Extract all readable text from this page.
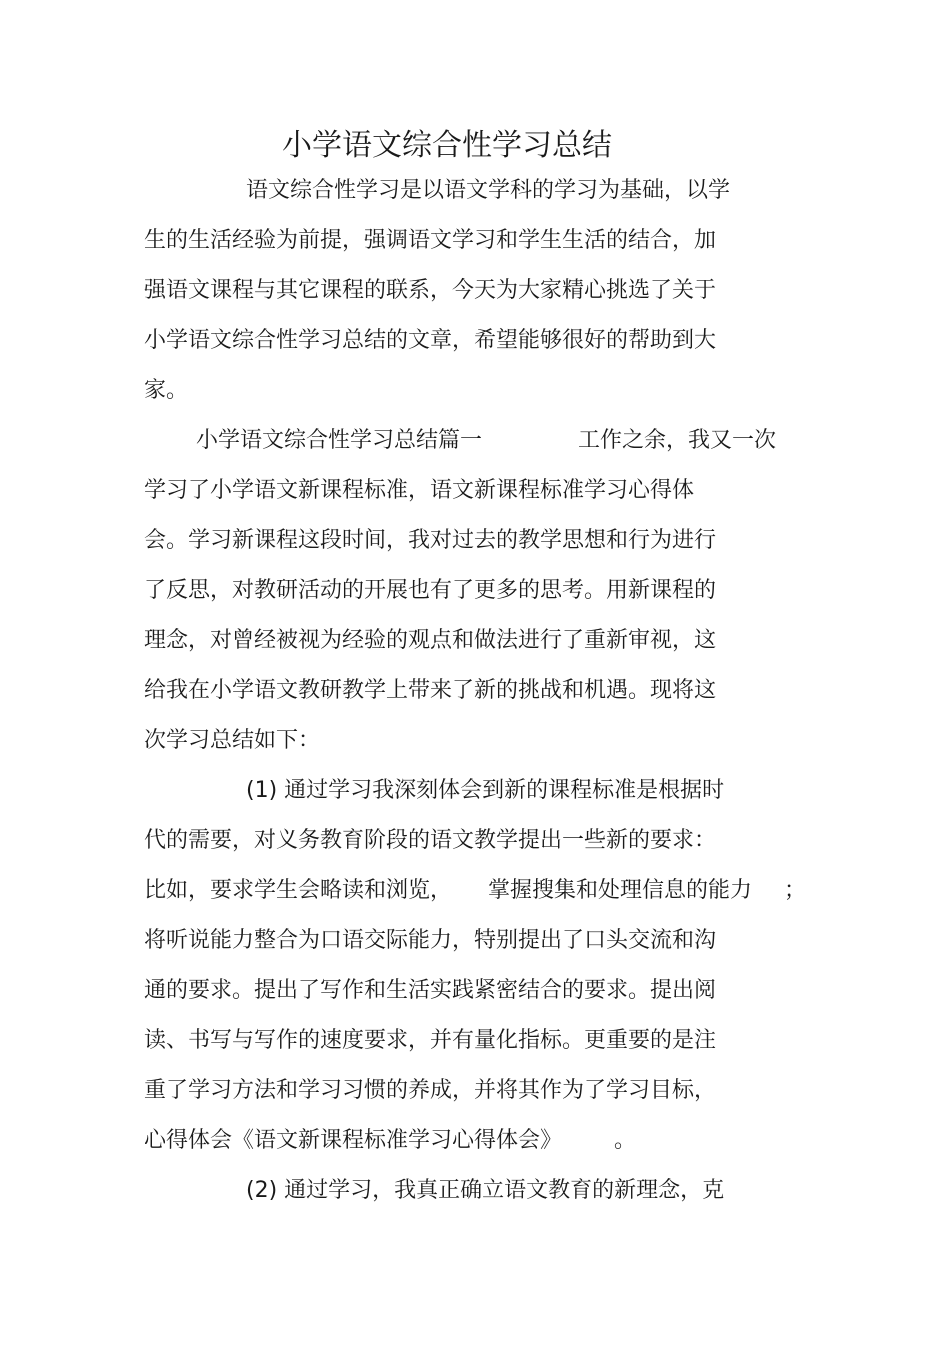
小学语文综合性学习总结
语文综合性学习是以语文学科的学习为基础，以学
生的生活经验为前提，强调语文学习和学生生活的结合，加
强语文课程与其它课程的联系，今天为大家精心挑选了关于
小学语文综合性学习总结的文章，希望能够很好的帮助到大
家。
小学语文综合性学习总结篇一	工作之余，我又一次
学习了小学语文新课程标准，语文新课程标准学习心得体
会。学习新课程这段时间，我对过去的教学思想和行为进行
了反思，对教研活动的开展也有了更多的思考。用新课程的
理念，对曾经被视为经验的观点和做法进行了重新审视，这
给我在小学语文教研教学上带来了新的挑战和机遇。现将这
次学习总结如下：
(1) 通过学习我深刻体会到新的课程标准是根据时
代的需要，对义务教育阶段的语文教学提出一些新的要求：
比如，要求学生会略读和浏览， 掌握搜集和处理信息的能力 ；
将听说能力整合为口语交际能力，特别提出了口头交流和沟
通的要求。提出了写作和生活实践紧密结合的要求。提出阅
读、书写与写作的速度要求，并有量化指标。更重要的是注
重了学习方法和学习习惯的养成，并将其作为了学习目标，
心得体会《语文新课程标准学习心得体会》 。
(2) 通过学习，我真正确立语文教育的新理念，克
